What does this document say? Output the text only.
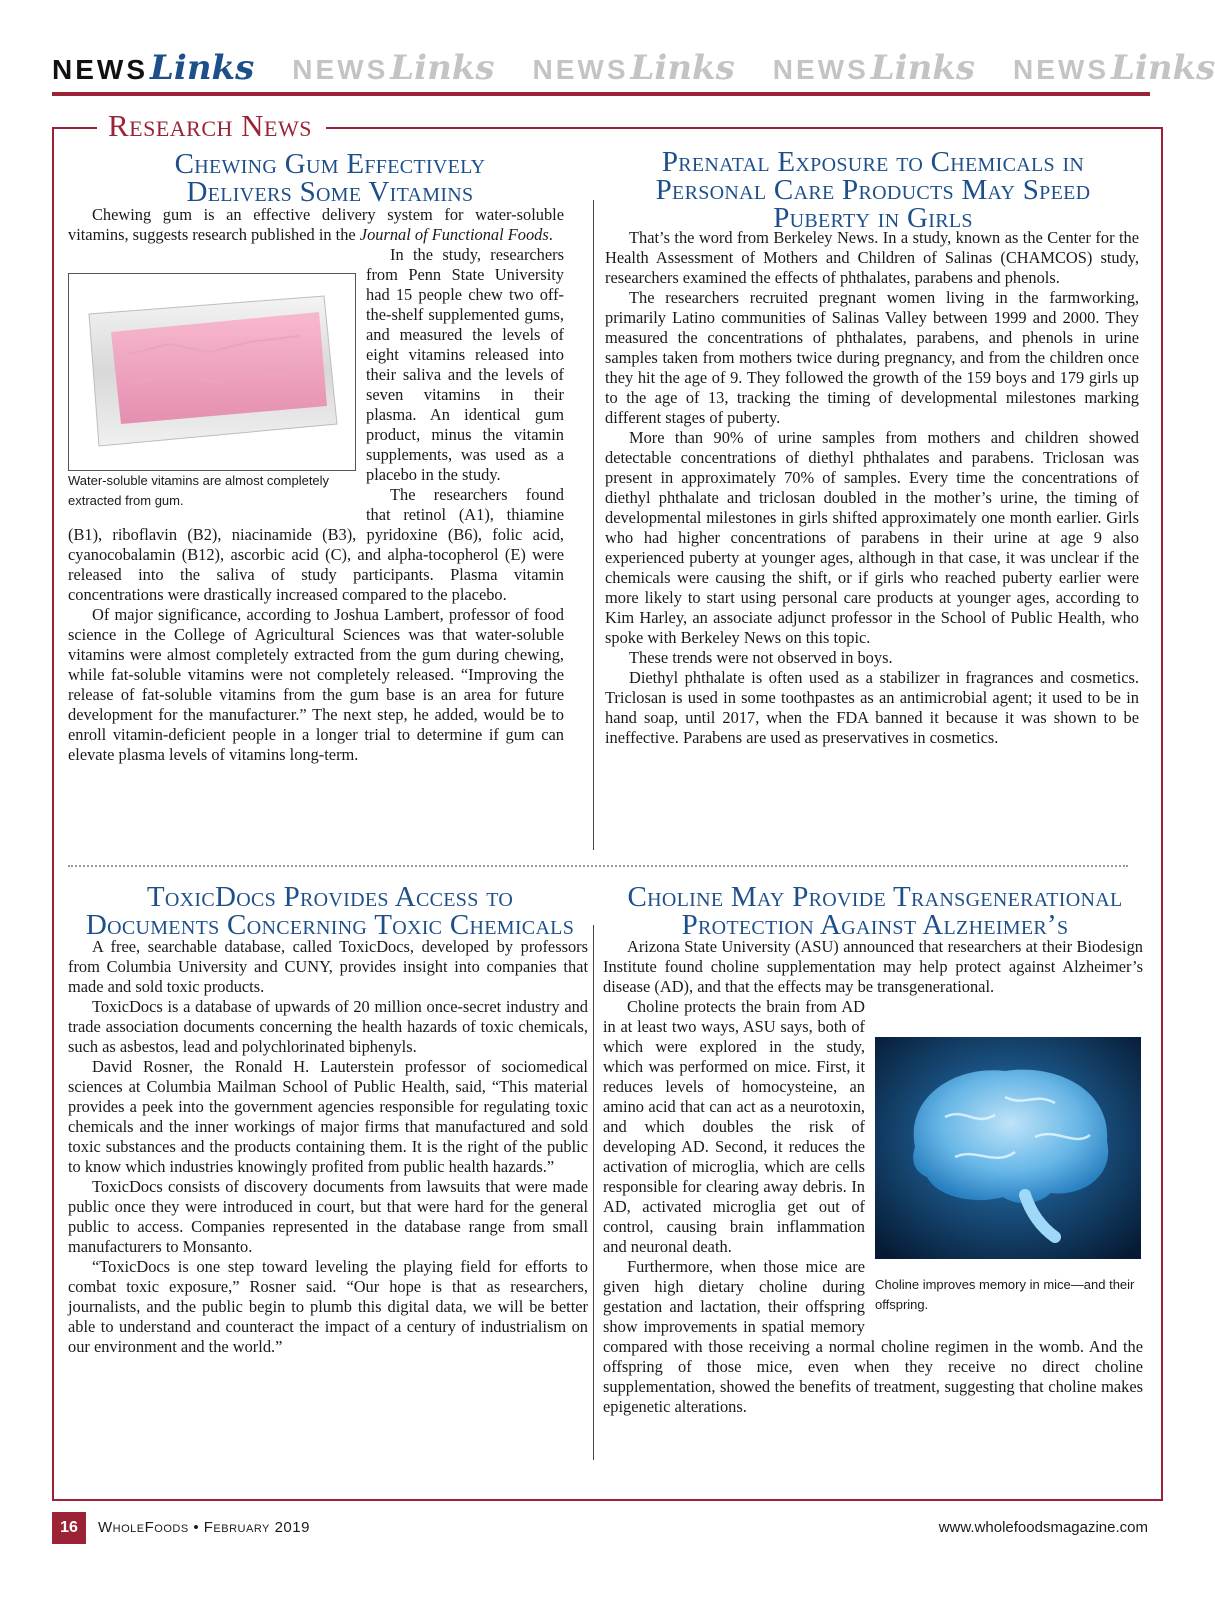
NEWS Links NEWS Links NEWS Links NEWS Links NEWS Links
Research News
Chewing Gum Effectively
Delivers Some Vitamins

Chewing gum is an effective delivery system for water-soluble vitamins, suggests research published in the Journal of Functional Foods.

Water-soluble vitamins are almost completely extracted from gum.

In the study, researchers from Penn State University had 15 people chew two off-the-shelf supplemented gums, and measured the levels of eight vitamins released into their saliva and the levels of seven vitamins in their plasma. An identical gum product, minus the vitamin supplements, was used as a placebo in the study.

The researchers found that retinol (A1), thiamine (B1), riboflavin (B2), niacinamide (B3), pyridoxine (B6), folic acid, cyanocobalamin (B12), ascorbic acid (C), and alpha-tocopherol (E) were released into the saliva of study participants. Plasma vitamin concentrations were drastically increased compared to the placebo.

Of major significance, according to Joshua Lambert, professor of food science in the College of Agricultural Sciences was that water-soluble vitamins were almost completely extracted from the gum during chewing, while fat-soluble vitamins were not completely released. “Improving the release of fat-soluble vitamins from the gum base is an area for future development for the manufacturer.” The next step, he added, would be to enroll vitamin-deficient people in a longer trial to determine if gum can elevate plasma levels of vitamins long-term.

Prenatal Exposure to Chemicals in
Personal Care Products May Speed
Puberty in Girls

That’s the word from Berkeley News. In a study, known as the Center for the Health Assessment of Mothers and Children of Salinas (CHAMCOS) study, researchers examined the effects of phthalates, parabens and phenols.

The researchers recruited pregnant women living in the farmworking, primarily Latino communities of Salinas Valley between 1999 and 2000. They measured the concentrations of phthalates, parabens, and phenols in urine samples taken from mothers twice during pregnancy, and from the children once they hit the age of 9. They followed the growth of the 159 boys and 179 girls up to the age of 13, tracking the timing of developmental milestones marking different stages of puberty.

More than 90% of urine samples from mothers and children showed detectable concentrations of diethyl phthalates and parabens. Triclosan was present in approximately 70% of samples. Every time the concentrations of diethyl phthalate and triclosan doubled in the mother’s urine, the timing of developmental milestones in girls shifted approximately one month earlier. Girls who had higher concentrations of parabens in their urine at age 9 also experienced puberty at younger ages, although in that case, it was unclear if the chemicals were causing the shift, or if girls who reached puberty earlier were more likely to start using personal care products at younger ages, according to Kim Harley, an associate adjunct professor in the School of Public Health, who spoke with Berkeley News on this topic.

These trends were not observed in boys.

Diethyl phthalate is often used as a stabilizer in fragrances and cosmetics. Triclosan is used in some toothpastes as an antimicrobial agent; it used to be in hand soap, until 2017, when the FDA banned it because it was shown to be ineffective. Parabens are used as preservatives in cosmetics.

ToxicDocs Provides Access to
Documents Concerning Toxic Chemicals

A free, searchable database, called ToxicDocs, developed by professors from Columbia University and CUNY, provides insight into companies that made and sold toxic products.

ToxicDocs is a database of upwards of 20 million once-secret industry and trade association documents concerning the health hazards of toxic chemicals, such as asbestos, lead and polychlorinated biphenyls.

David Rosner, the Ronald H. Lauterstein professor of sociomedical sciences at Columbia Mailman School of Public Health, said, “This material provides a peek into the government agencies responsible for regulating toxic chemicals and the inner workings of major firms that manufactured and sold toxic substances and the products containing them. It is the right of the public to know which industries knowingly profited from public health hazards.”

ToxicDocs consists of discovery documents from lawsuits that were made public once they were introduced in court, but that were hard for the general public to access. Companies represented in the database range from small manufacturers to Monsanto.

“ToxicDocs is one step toward leveling the playing field for efforts to combat toxic exposure,” Rosner said. “Our hope is that as researchers, journalists, and the public begin to plumb this digital data, we will be better able to understand and counteract the impact of a century of industrialism on our environment and the world.”

Choline May Provide Transgenerational
Protection Against Alzheimer’s

Arizona State University (ASU) announced that researchers at their Biodesign Institute found choline supplementation may help protect against Alzheimer’s disease (AD), and that the effects may be transgenerational.

Choline improves memory in mice—and their offspring.

Choline protects the brain from AD in at least two ways, ASU says, both of which were explored in the study, which was performed on mice. First, it reduces levels of homocysteine, an amino acid that can act as a neurotoxin, and which doubles the risk of developing AD. Second, it reduces the activation of microglia, which are cells responsible for clearing away debris. In AD, activated microglia get out of control, causing brain inflammation and neuronal death.

Furthermore, when those mice are given high dietary choline during gestation and lactation, their offspring show improvements in spatial memory compared with those receiving a normal choline regimen in the womb. And the offspring of those mice, even when they receive no direct choline supplementation, showed the benefits of treatment, suggesting that choline makes epigenetic alterations.

16	WholeFoods • February 2019	www.wholefoodsmagazine.com
